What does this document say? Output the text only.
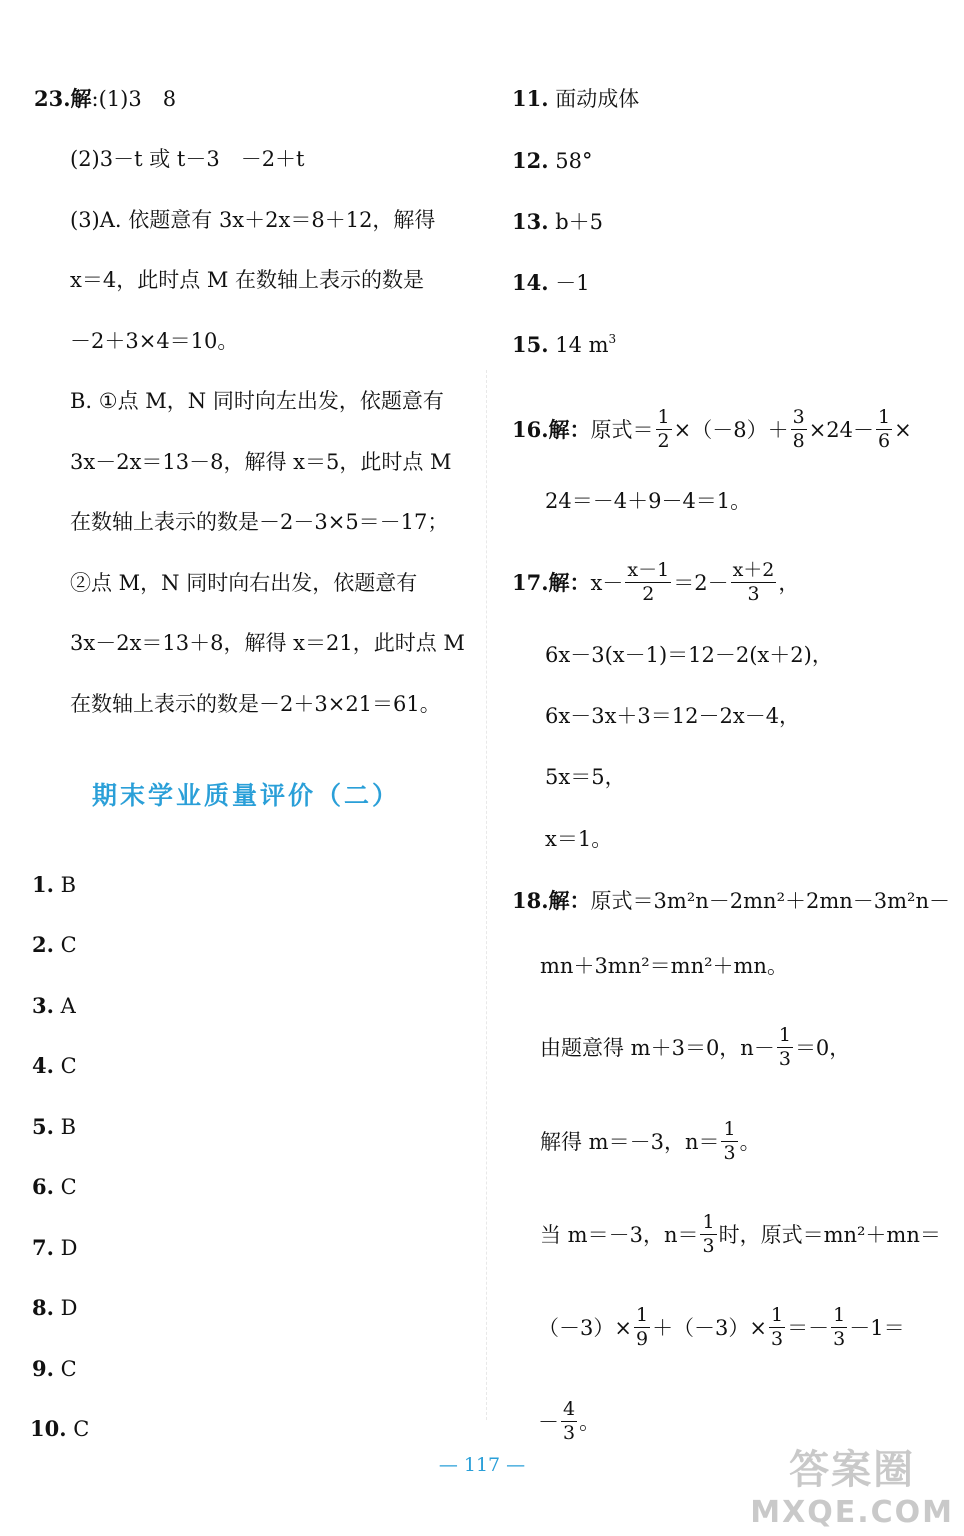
23.解:(1)3　8
(2)3－t 或 t－3　－2＋t
(3)A. 依题意有 3x＋2x＝8＋12，解得
x＝4，此时点 M 在数轴上表示的数是
－2＋3×4＝10。
B. ①点 M，N 同时向左出发，依题意有
3x－2x＝13－8，解得 x＝5，此时点 M
在数轴上表示的数是－2－3×5＝－17；
②点 M，N 同时向右出发，依题意有
3x－2x＝13＋8，解得 x＝21，此时点 M
在数轴上表示的数是－2＋3×21＝61。
期末学业质量评价（二）
1. B
2. C
3. A
4. C
5. B
6. C
7. D
8. D
9. C
10. C
11. 面动成体
12. 58°
13. b＋5
14. －1
15. 14 $m^3$
16.解：原式＝ $\frac{1}{2} \times(-8)+ \frac{3}{8} \times 24- \frac{1}{6}$ ×
24＝－4＋9－4＝1。
17.解：$x- \frac{x-1}{2} =2- \frac{x+2}{3}$ ，
6x－3(x－1)＝12－2(x＋2)，
6x－3x＋3＝12－2x－4，
5x＝5，
x＝1。
18.解：原式＝3m²n－2mn²＋2mn－3m²n－
mn＋3mn²＝mn²＋mn。
由题意得 m＋3＝0，$n- \frac{1}{3} =0$，
解得 m＝－3，$n= \frac{1}{3}$ 。
当 m＝－3，$n= \frac{1}{3}$ 时，原式＝mn²＋mn＝
$(-3)\times \frac{1}{9} +(-3)\times \frac{1}{3} =- \frac{1}{3} -1=$
－ $\frac{4}{3}$ 。
— 117 —	答案圈
MXQE.COM
